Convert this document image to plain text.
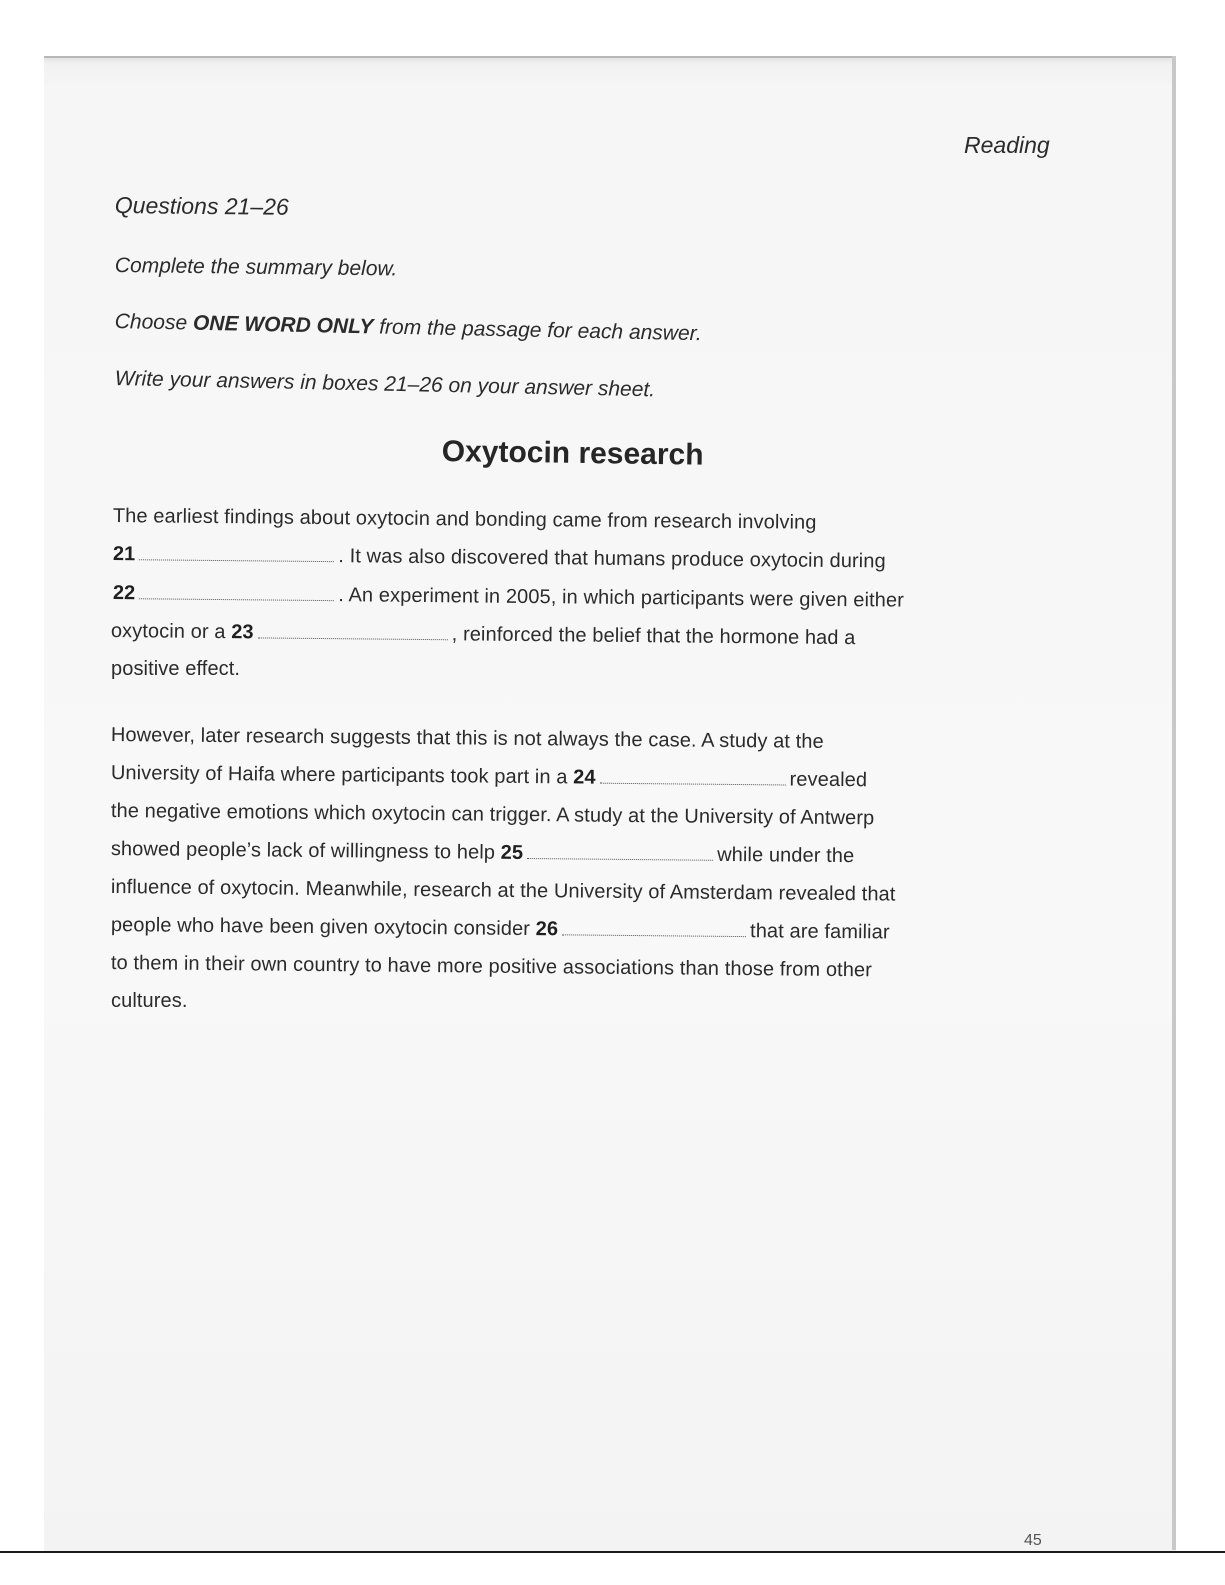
Reading
Questions 21–26
Complete the summary below.
Choose ONE WORD ONLY from the passage for each answer.
Write your answers in boxes 21–26 on your answer sheet.
Oxytocin research
The earliest findings about oxytocin and bonding came from research involving
21	. It was also discovered that humans produce oxytocin during
22	. An experiment in 2005, in which participants were given either
oxytocin or a 23	, reinforced the belief that the hormone had a
positive effect.
However, later research suggests that this is not always the case. A study at the
University of Haifa where participants took part in a 24	revealed
the negative emotions which oxytocin can trigger. A study at the University of Antwerp
showed people’s lack of willingness to help 25	while under the
influence of oxytocin. Meanwhile, research at the University of Amsterdam revealed that
people who have been given oxytocin consider 26	that are familiar
to them in their own country to have more positive associations than those from other
cultures.
45
